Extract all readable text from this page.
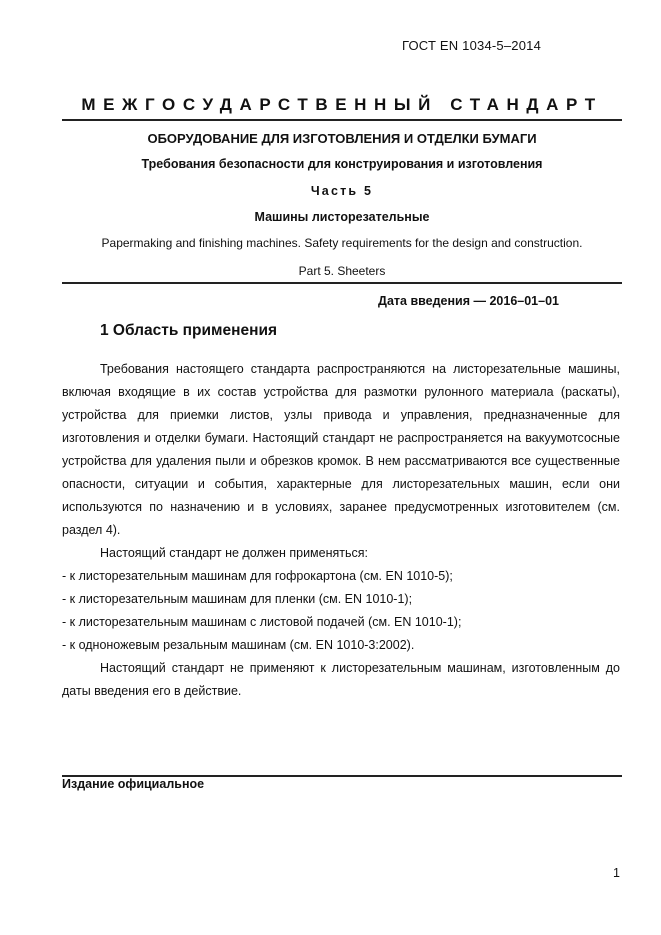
ГОСТ EN 1034-5–2014
МЕЖГОСУДАРСТВЕННЫЙ СТАНДАРТ
ОБОРУДОВАНИЕ ДЛЯ ИЗГОТОВЛЕНИЯ И ОТДЕЛКИ БУМАГИ
Требования безопасности для конструирования и изготовления
Часть 5
Машины листорезательные
Papermaking and finishing machines. Safety requirements for the design and construction.
Part 5. Sheeters
Дата введения — 2016–01–01
1 Область применения

Требования настоящего стандарта распространяются на листорезательные машины, включая входящие в их состав устройства для размотки рулонного материала (раскаты), устройства для приемки листов, узлы привода и управления, предназначенные для изготовления и отделки бумаги. Настоящий стандарт не распространяется на вакуумотсосные устройства для удаления пыли и обрезков кромок. В нем рассматриваются все существенные опасности, ситуации и события, характерные для листорезательных машин, если они используются по назначению и в условиях, заранее предусмотренных изготовителем (см. раздел 4).

Настоящий стандарт не должен применяться:

- к листорезательным машинам для гофрокартона (см. EN 1010-5);

- к листорезательным машинам для пленки (см. EN 1010-1);

- к листорезательным машинам с листовой подачей (см. EN 1010-1);

- к одноножевым резальным машинам (см. EN 1010-3:2002).

Настоящий стандарт не применяют к листорезательным машинам, изготовленным до даты введения его в действие.

Издание официальное
1
